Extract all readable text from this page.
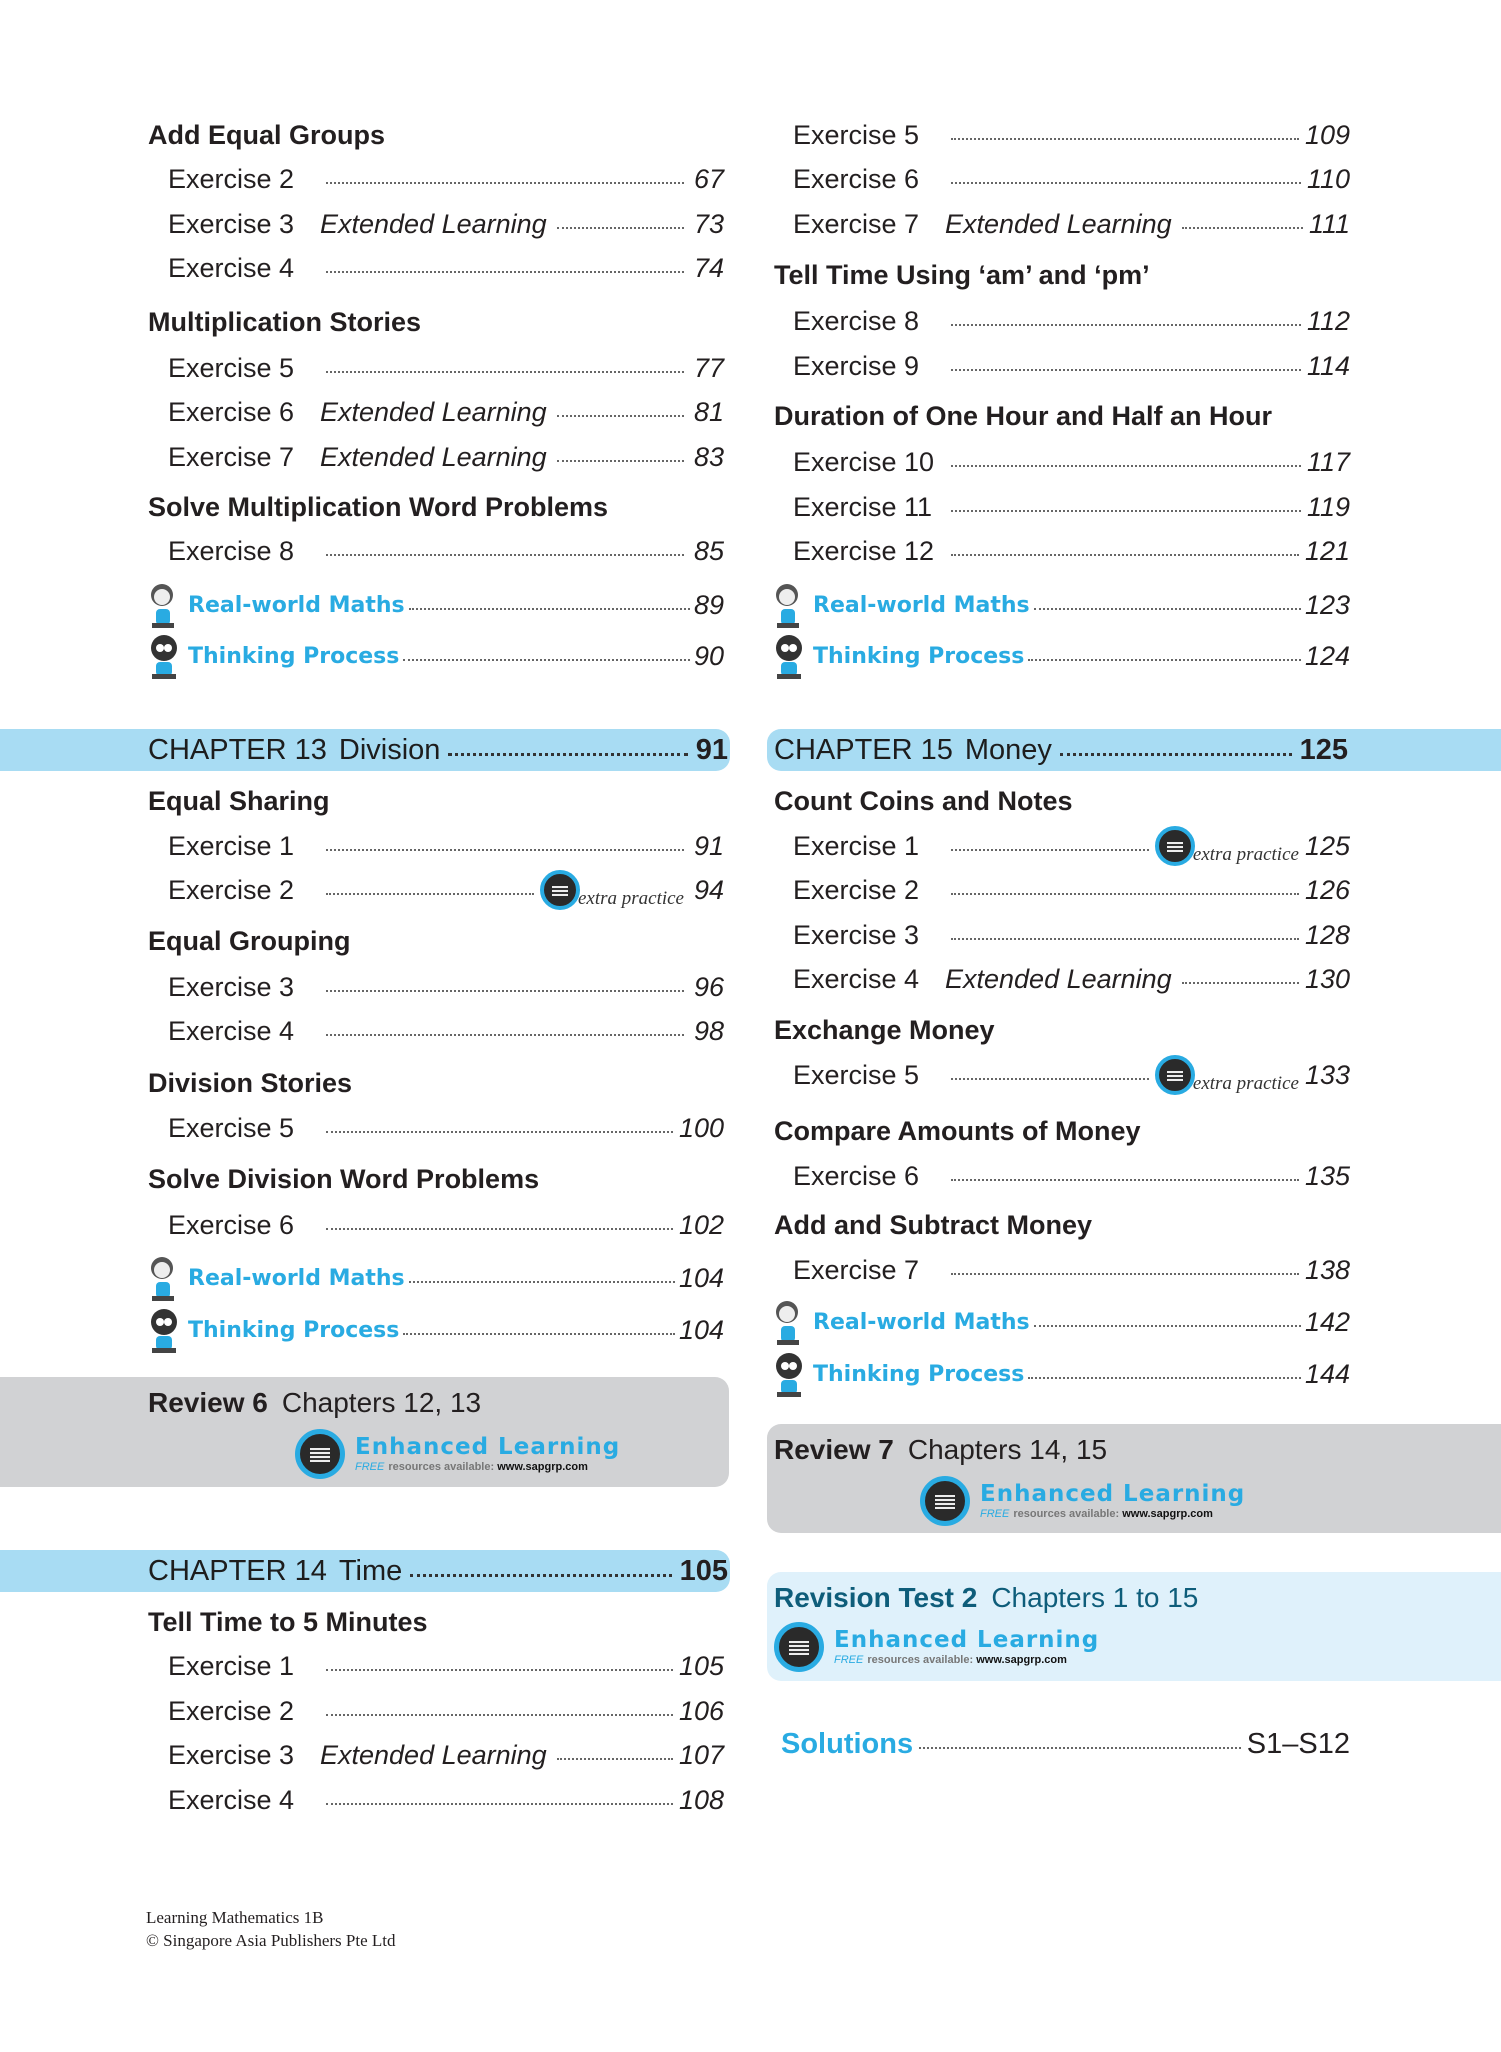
Add Equal Groups
Exercise 2	67
Exercise 3 Extended Learning	73
Exercise 4	74
Multiplication Stories
Exercise 5	77
Exercise 6 Extended Learning	81
Exercise 7 Extended Learning	83
Solve Multiplication Word Problems
Exercise 8	85
Real-world Maths	89
Thinking Process	90
CHAPTER 13 Division	91
Equal Sharing
Exercise 1	91
Exercise 2	extra practice 94
Equal Grouping
Exercise 3	96
Exercise 4	98
Division Stories
Exercise 5	100
Solve Division Word Problems
Exercise 6	102
Real-world Maths	104
Thinking Process	104
Review 6 Chapters 12, 13
Enhanced Learning
FREE resources available: www.sapgrp.com
CHAPTER 14 Time	105
Tell Time to 5 Minutes
Exercise 1	105
Exercise 2	106
Exercise 3 Extended Learning	107
Exercise 4	108
Exercise 5	109
Exercise 6	110
Exercise 7 Extended Learning	111
Tell Time Using ‘am’ and ‘pm’
Exercise 8	112
Exercise 9	114
Duration of One Hour and Half an Hour
Exercise 10	117
Exercise 11	119
Exercise 12	121
Real-world Maths	123
Thinking Process	124
CHAPTER 15 Money	125
Count Coins and Notes
Exercise 1	extra practice 125
Exercise 2	126
Exercise 3	128
Exercise 4 Extended Learning	130
Exchange Money
Exercise 5	extra practice 133
Compare Amounts of Money
Exercise 6	135
Add and Subtract Money
Exercise 7	138
Real-world Maths	142
Thinking Process	144
Review 7 Chapters 14, 15
Enhanced Learning
FREE resources available: www.sapgrp.com
Revision Test 2 Chapters 1 to 15
Enhanced Learning
FREE resources available: www.sapgrp.com
Solutions	S1–S12
Learning Mathematics 1B
© Singapore Asia Publishers Pte Ltd
